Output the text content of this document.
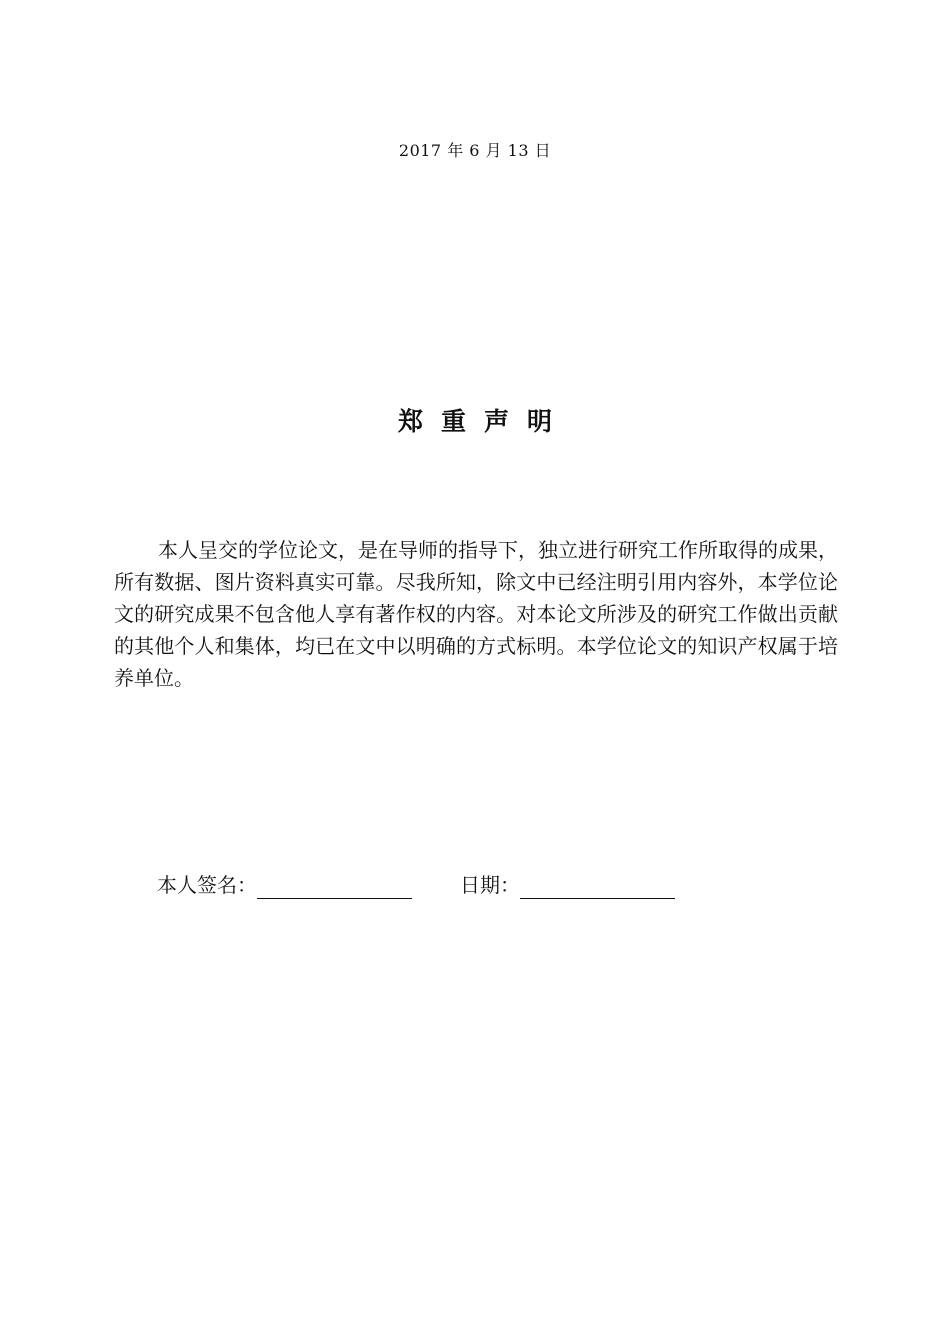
2017 年 6 月 13 日
郑重声明
本人呈交的学位论文，是在导师的指导下，独立进行研究工作所取得的成果，所有数据、图片资料真实可靠。尽我所知，除文中已经注明引用内容外，本学位论文的研究成果不包含他人享有著作权的内容。对本论文所涉及的研究工作做出贡献的其他个人和集体，均已在文中以明确的方式标明。本学位论文的知识产权属于培养单位。
本人签名：	日期：
